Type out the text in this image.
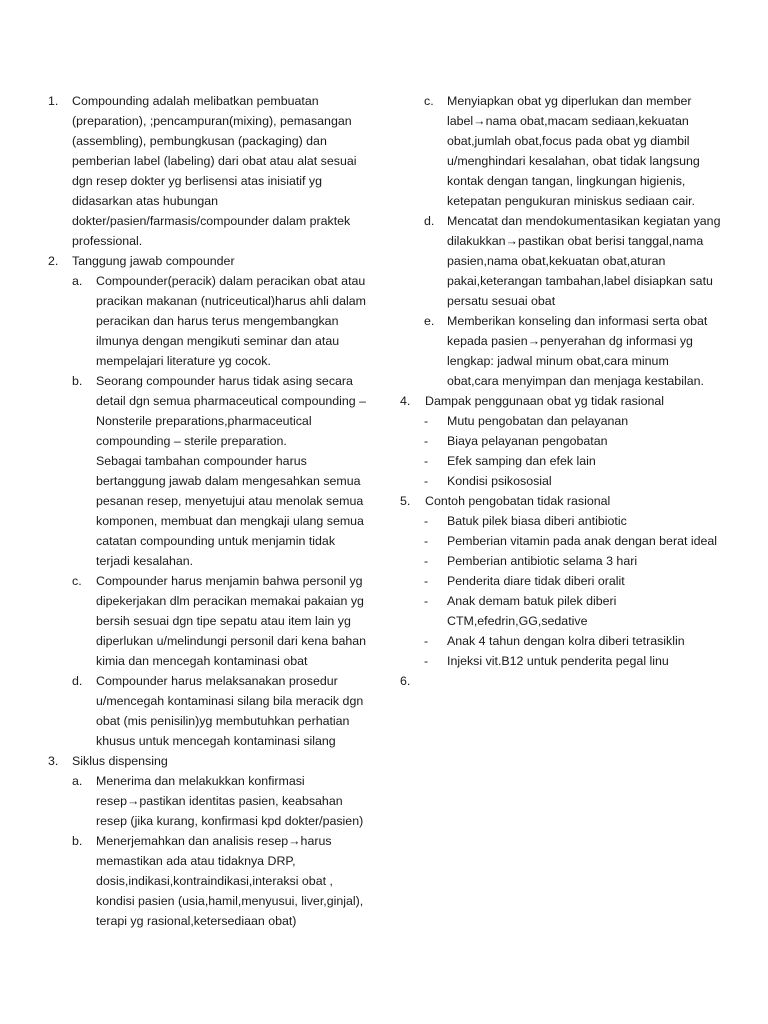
1. Compounding adalah melibatkan pembuatan
(preparation), ;pencampuran(mixing), pemasangan
(assembling), pembungkusan (packaging) dan
pemberian label (labeling) dari obat atau alat sesuai
dgn resep dokter yg berlisensi atas inisiatif yg
didasarkan atas hubungan
dokter/pasien/farmasis/compounder dalam praktek
professional.
2. Tanggung jawab compounder
a. Compounder(peracik) dalam peracikan obat atau
pracikan makanan (nutriceutical)harus ahli dalam
peracikan dan harus terus mengembangkan
ilmunya dengan mengikuti seminar dan atau
mempelajari literature yg cocok.
b. Seorang compounder harus tidak asing secara
detail dgn semua pharmaceutical compounding –
Nonsterile preparations,pharmaceutical
compounding – sterile preparation.
Sebagai tambahan compounder harus
bertanggung jawab dalam mengesahkan semua
pesanan resep, menyetujui atau menolak semua
komponen, membuat dan mengkaji ulang semua
catatan compounding untuk menjamin tidak
terjadi kesalahan.
c. Compounder harus menjamin bahwa personil yg
dipekerjakan dlm peracikan memakai pakaian yg
bersih sesuai dgn tipe sepatu atau item lain yg
diperlukan u/melindungi personil dari kena bahan
kimia dan mencegah kontaminasi obat
d. Compounder harus melaksanakan prosedur
u/mencegah kontaminasi silang bila meracik dgn
obat (mis penisilin)yg membutuhkan perhatian
khusus untuk mencegah kontaminasi silang
3. Siklus dispensing
a. Menerima dan melakukkan konfirmasi
resep→pastikan identitas pasien, keabsahan
resep (jika kurang, konfirmasi kpd dokter/pasien)
b. Menerjemahkan dan analisis resep→harus
memastikan ada atau tidaknya DRP,
dosis,indikasi,kontraindikasi,interaksi obat ,
kondisi pasien (usia,hamil,menyusui, liver,ginjal),
terapi yg rasional,ketersediaan obat)
c. Menyiapkan obat yg diperlukan dan member
label→nama obat,macam sediaan,kekuatan
obat,jumlah obat,focus pada obat yg diambil
u/menghindari kesalahan, obat tidak langsung
kontak dengan tangan, lingkungan higienis,
ketepatan pengukuran miniskus sediaan cair.
d. Mencatat dan mendokumentasikan kegiatan yang
dilakukkan→pastikan obat berisi tanggal,nama
pasien,nama obat,kekuatan obat,aturan
pakai,keterangan tambahan,label disiapkan satu
persatu sesuai obat
e. Memberikan konseling dan informasi serta obat
kepada pasien→penyerahan dg informasi yg
lengkap: jadwal minum obat,cara minum
obat,cara menyimpan dan menjaga kestabilan.
4. Dampak penggunaan obat yg tidak rasional
- Mutu pengobatan dan pelayanan
- Biaya pelayanan pengobatan
- Efek samping dan efek lain
- Kondisi psikososial
5. Contoh pengobatan tidak rasional
- Batuk pilek biasa diberi antibiotic
- Pemberian vitamin pada anak dengan berat ideal
- Pemberian antibiotic selama 3 hari
- Penderita diare tidak diberi oralit
- Anak demam batuk pilek diberi
CTM,efedrin,GG,sedative
- Anak 4 tahun dengan kolra diberi tetrasiklin
- Injeksi vit.B12 untuk penderita pegal linu
6.
